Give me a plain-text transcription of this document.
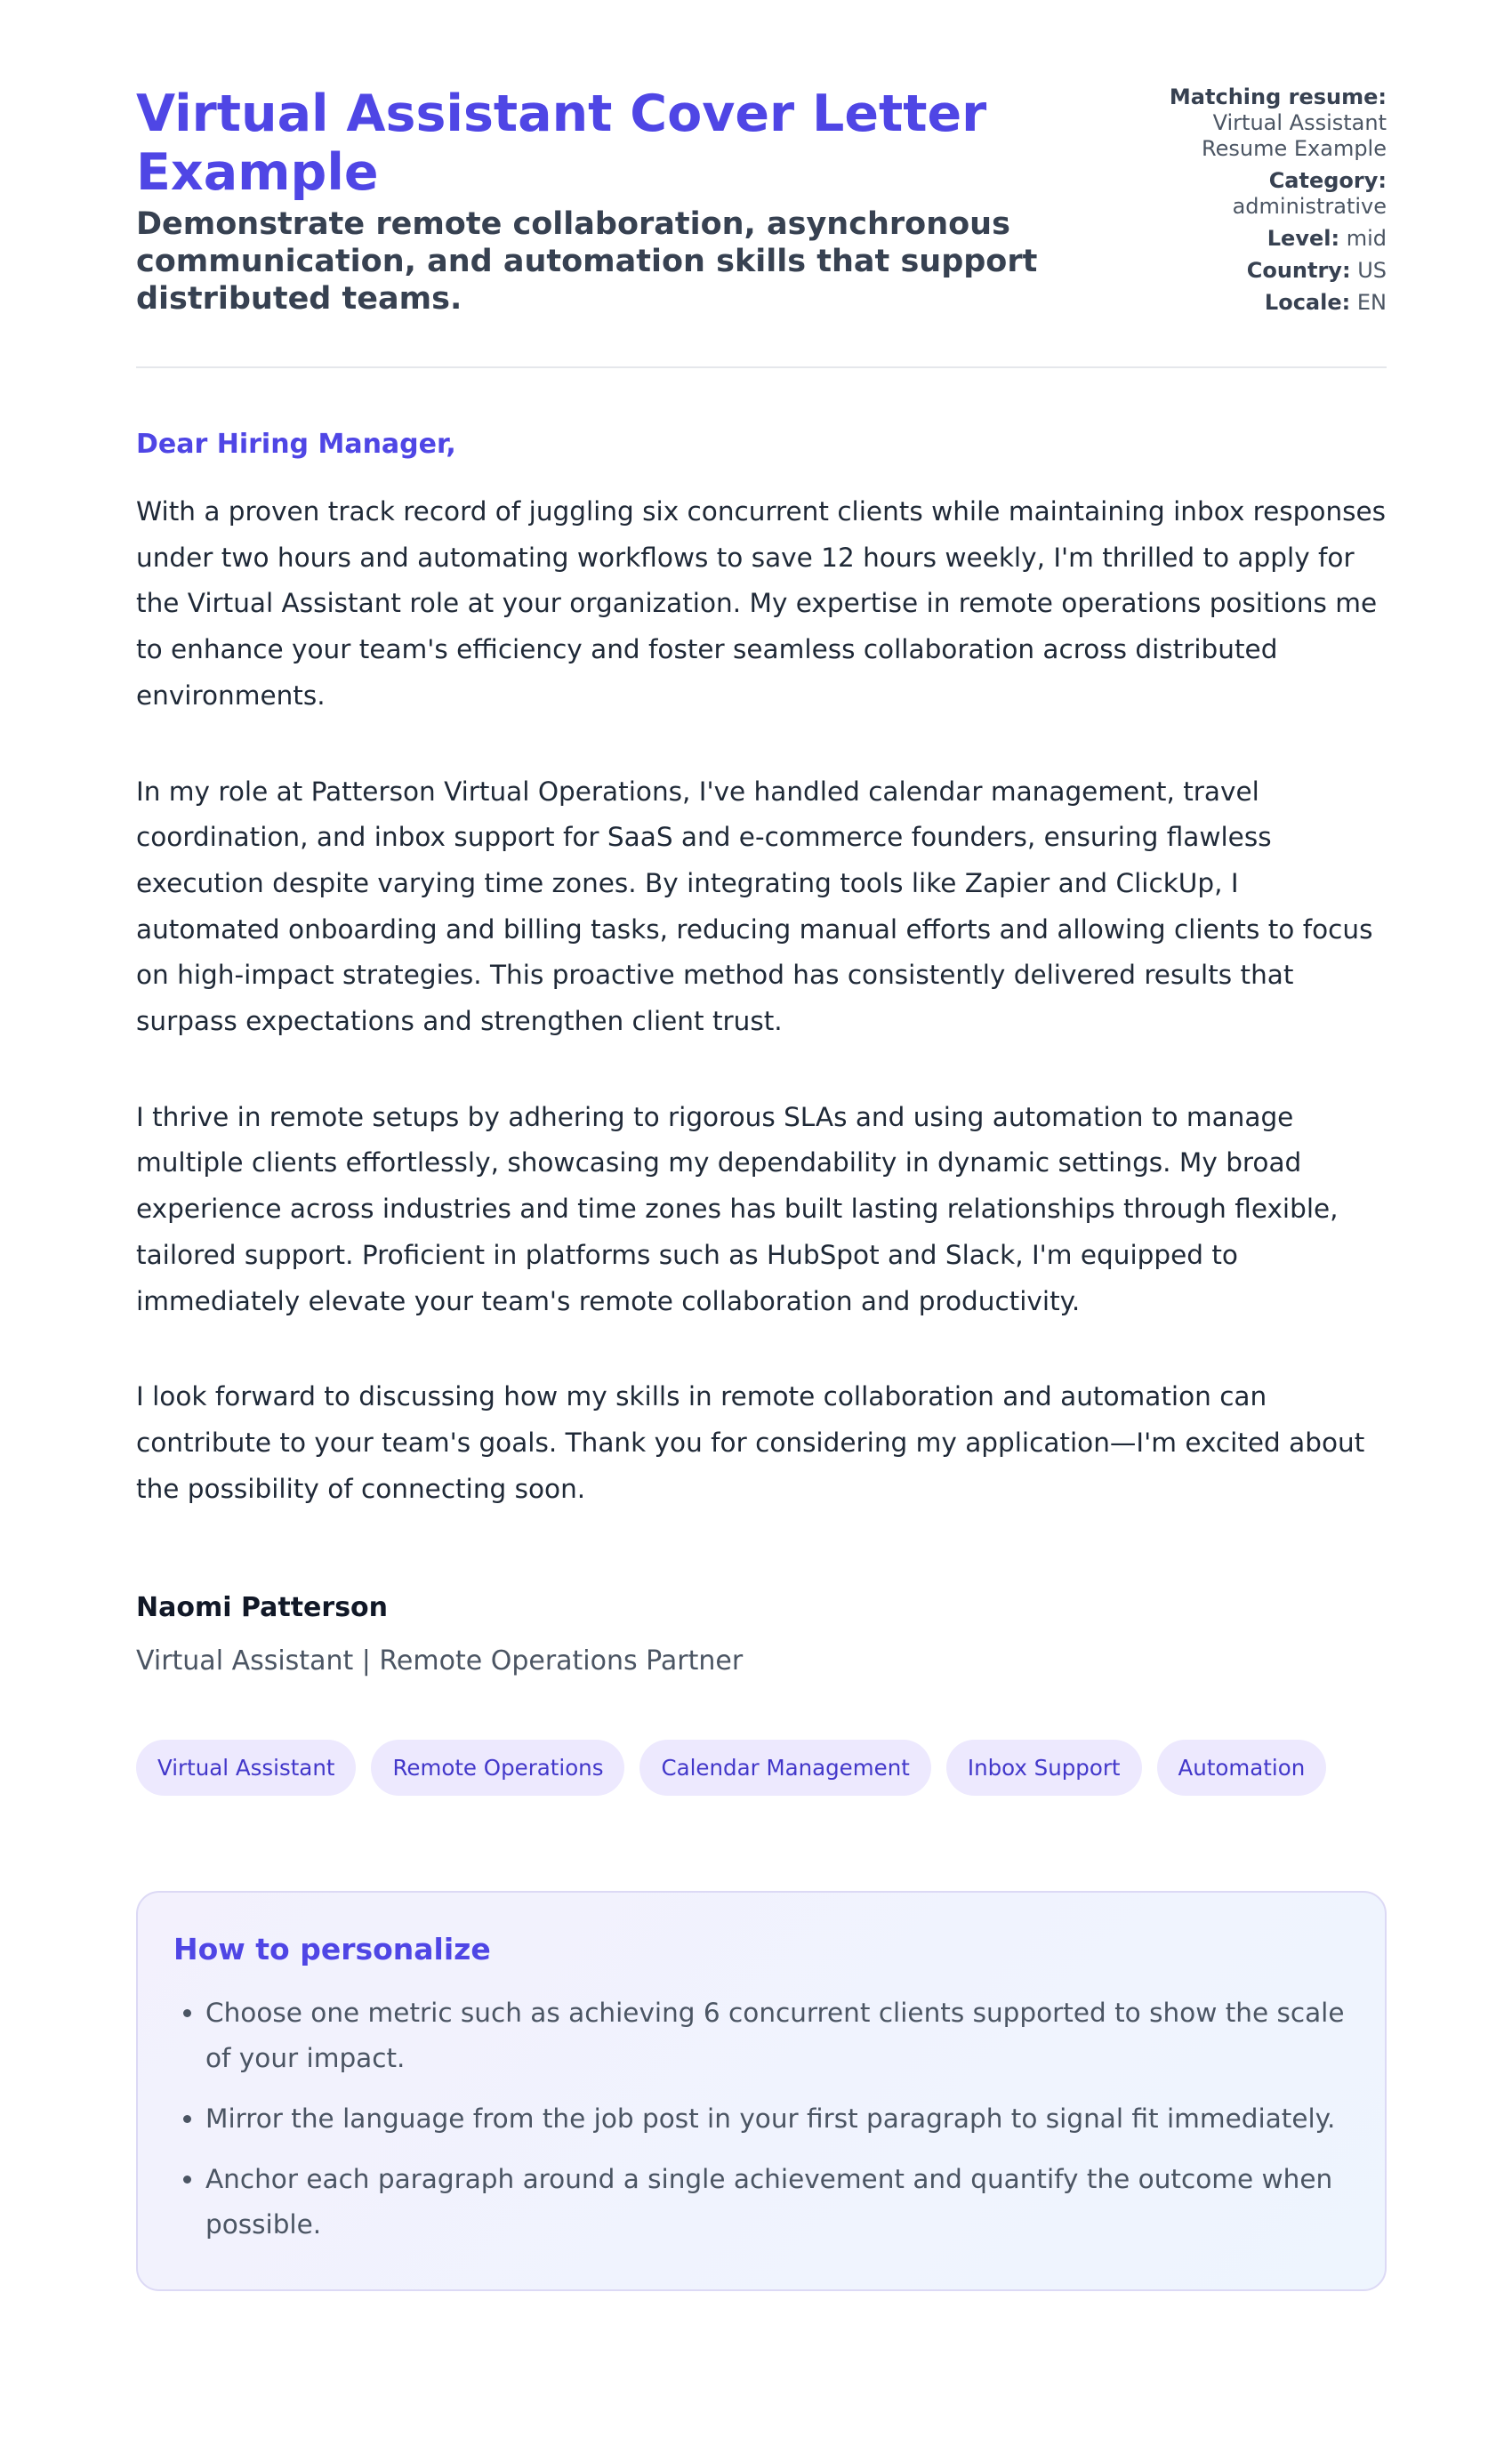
Virtual Assistant Cover Letter Example
Demonstrate remote collaboration, asynchronous communication, and automation skills that support distributed teams.
Matching resume:
Virtual Assistant Resume Example
Category:
administrative
Level: mid
Country: US
Locale: EN
Dear Hiring Manager,

With a proven track record of juggling six concurrent clients while maintaining inbox responses under two hours and automating workflows to save 12 hours weekly, I'm thrilled to apply for the Virtual Assistant role at your organization. My expertise in remote operations positions me to enhance your team's efficiency and foster seamless collaboration across distributed environments.

In my role at Patterson Virtual Operations, I've handled calendar management, travel coordination, and inbox support for SaaS and e-commerce founders, ensuring flawless execution despite varying time zones. By integrating tools like Zapier and ClickUp, I automated onboarding and billing tasks, reducing manual efforts and allowing clients to focus on high-impact strategies. This proactive method has consistently delivered results that surpass expectations and strengthen client trust.

I thrive in remote setups by adhering to rigorous SLAs and using automation to manage multiple clients effortlessly, showcasing my dependability in dynamic settings. My broad experience across industries and time zones has built lasting relationships through flexible, tailored support. Proficient in platforms such as HubSpot and Slack, I'm equipped to immediately elevate your team's remote collaboration and productivity.

I look forward to discussing how my skills in remote collaboration and automation can contribute to your team's goals. Thank you for considering my application—I'm excited about the possibility of connecting soon.

Naomi Patterson
Virtual Assistant | Remote Operations Partner
Virtual Assistant	Remote Operations	Calendar Management	Inbox Support	Automation
How to personalize
• Choose one metric such as achieving 6 concurrent clients supported to show the scale of your impact.
• Mirror the language from the job post in your first paragraph to signal fit immediately.
• Anchor each paragraph around a single achievement and quantify the outcome when possible.
